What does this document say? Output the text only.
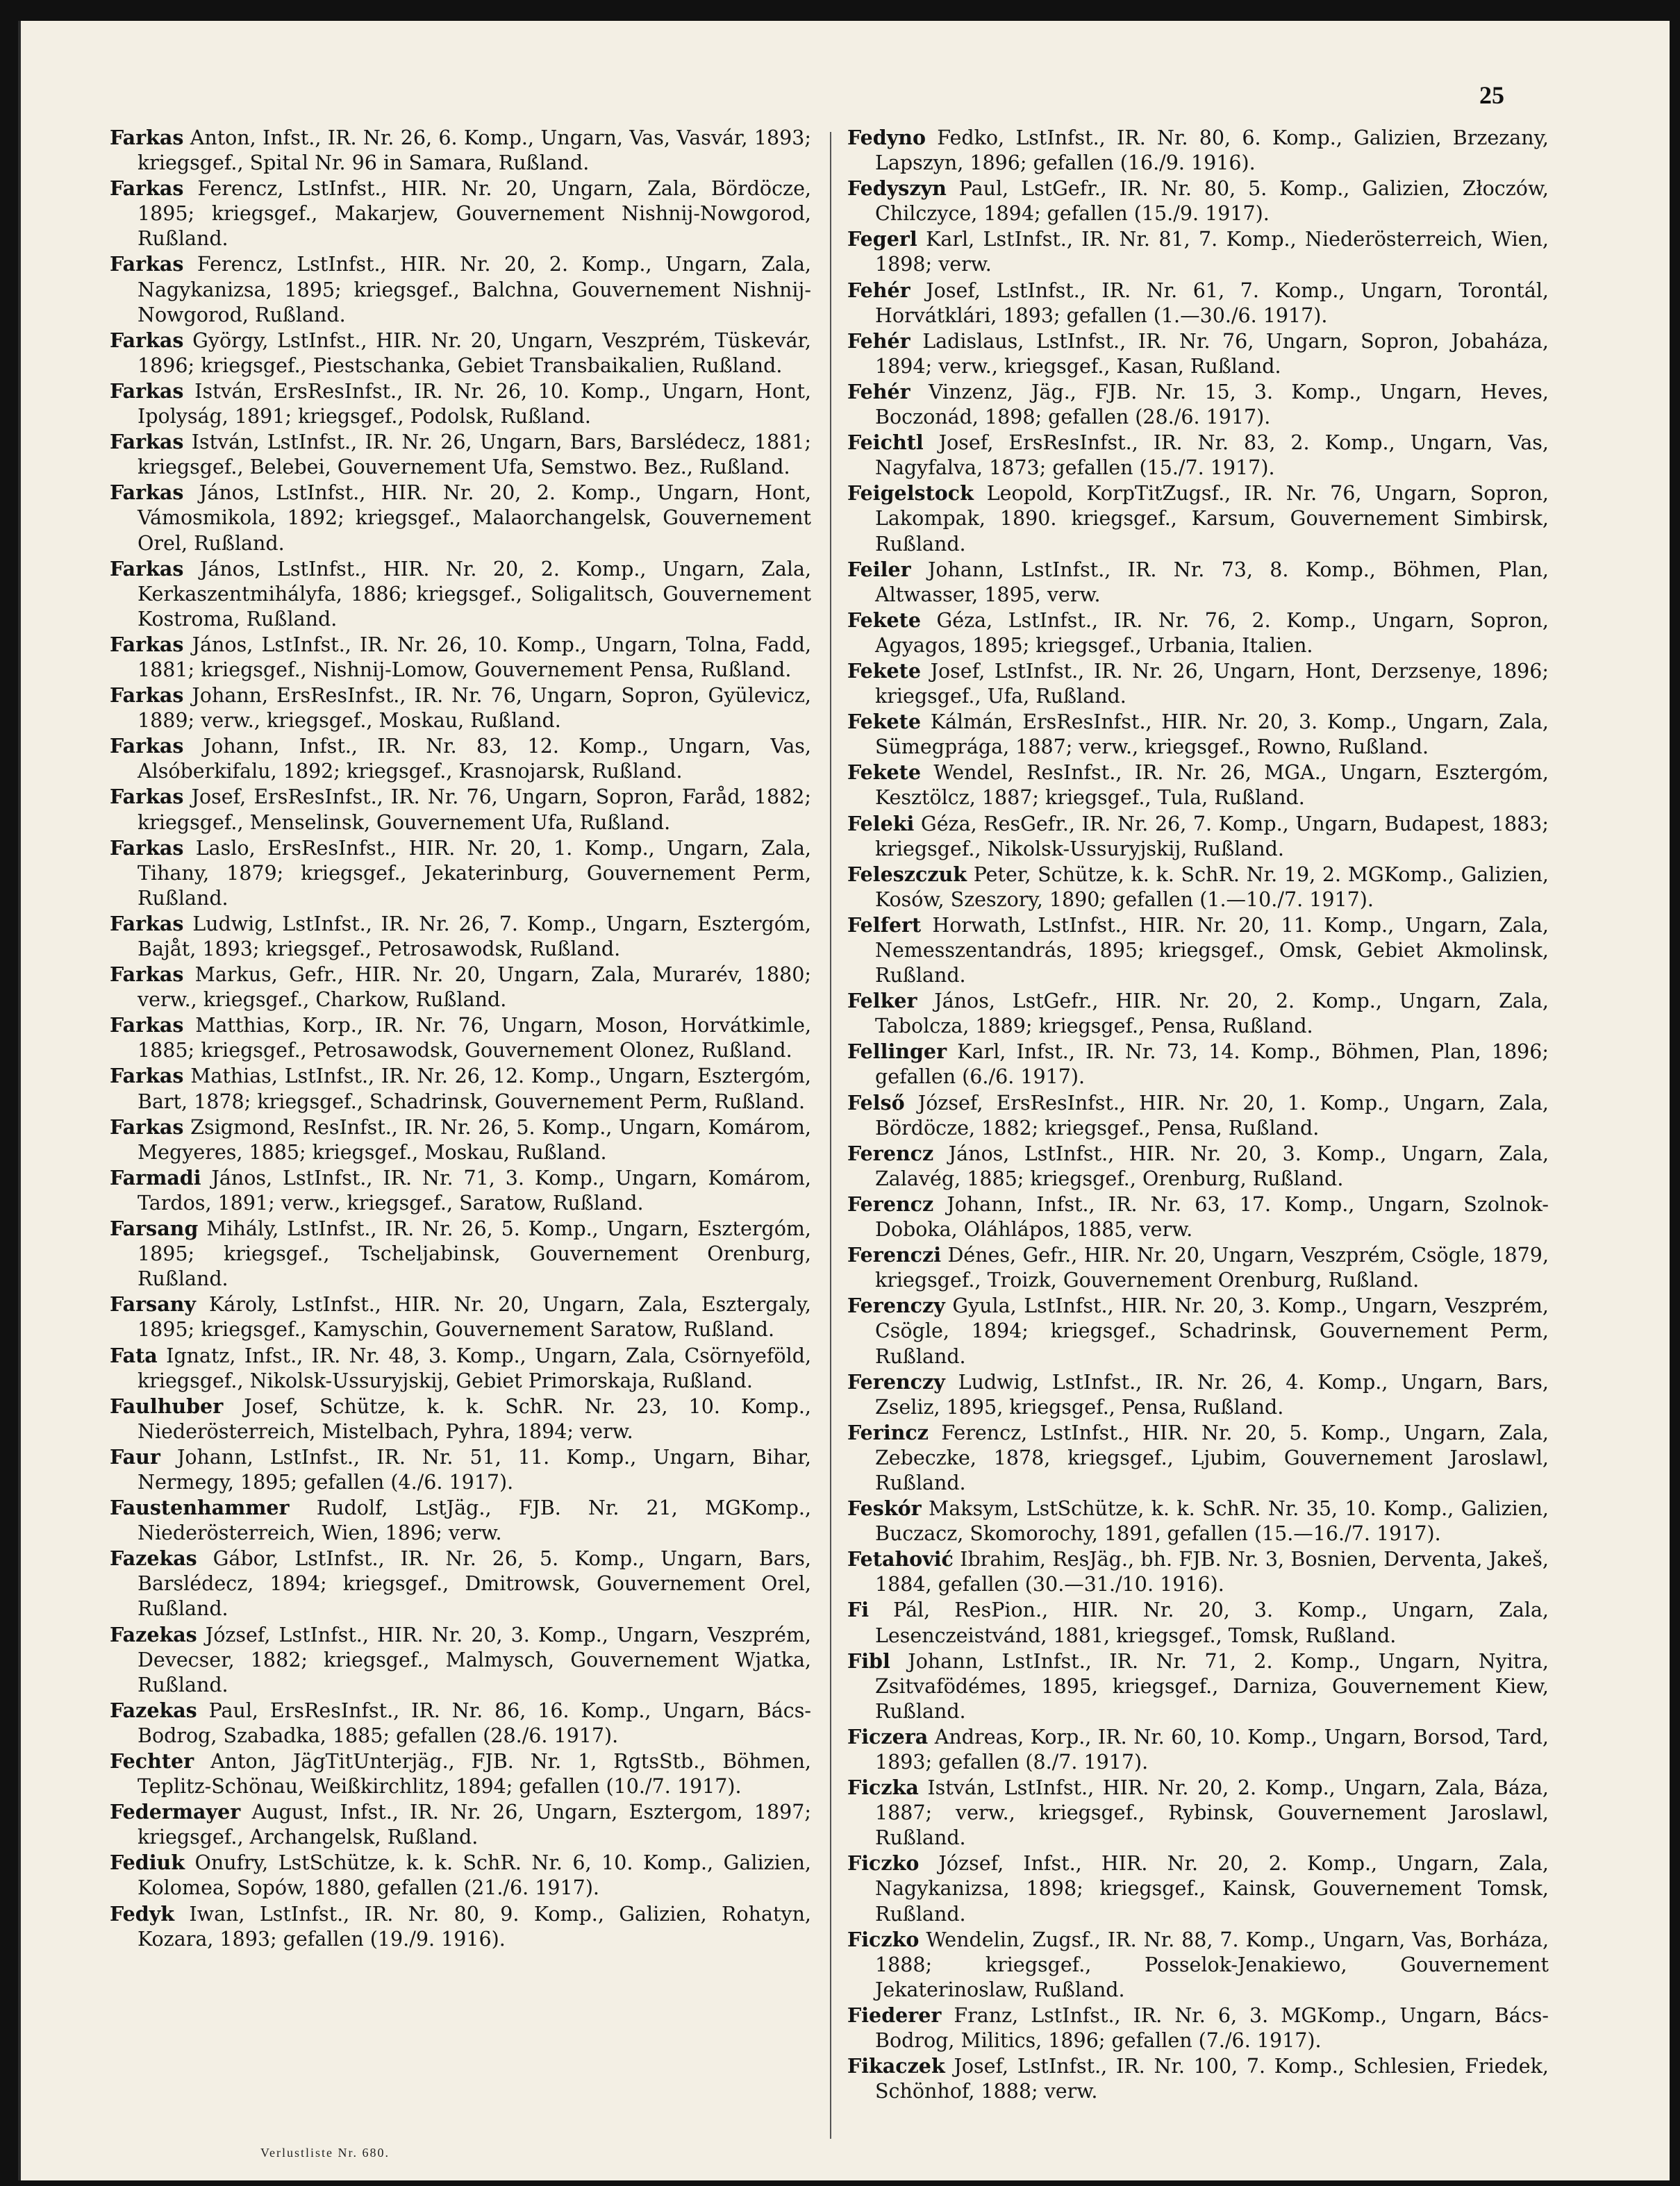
25

Farkas Anton, Infst., IR. Nr. 26, 6. Komp., Ungarn, Vas, Vasvár, 1893; kriegsgef., Spital Nr. 96 in Samara, Rußland.

Farkas Ferencz, LstInfst., HIR. Nr. 20, Ungarn, Zala, Bördöcze, 1895; kriegsgef., Makarjew, Gouvernement Nishnij-Nowgorod, Rußland.

Farkas Ferencz, LstInfst., HIR. Nr. 20, 2. Komp., Ungarn, Zala, Nagykanizsa, 1895; kriegsgef., Balchna, Gouvernement Nishnij-Nowgorod, Rußland.

Farkas György, LstInfst., HIR. Nr. 20, Ungarn, Veszprém, Tüskevár, 1896; kriegsgef., Piestschanka, Gebiet Transbaikalien, Rußland.

Farkas István, ErsResInfst., IR. Nr. 26, 10. Komp., Ungarn, Hont, Ipolyság, 1891; kriegsgef., Podolsk, Rußland.

Farkas István, LstInfst., IR. Nr. 26, Ungarn, Bars, Barslédecz, 1881; kriegsgef., Belebei, Gouvernement Ufa, Semstwo. Bez., Rußland.

Farkas János, LstInfst., HIR. Nr. 20, 2. Komp., Ungarn, Hont, Vámosmikola, 1892; kriegsgef., Malaorchangelsk, Gouvernement Orel, Rußland.

Farkas János, LstInfst., HIR. Nr. 20, 2. Komp., Ungarn, Zala, Kerkaszentmihályfa, 1886; kriegsgef., Soligalitsch, Gouvernement Kostroma, Rußland.

Farkas János, LstInfst., IR. Nr. 26, 10. Komp., Ungarn, Tolna, Fadd, 1881; kriegsgef., Nishnij-Lomow, Gouvernement Pensa, Rußland.

Farkas Johann, ErsResInfst., IR. Nr. 76, Ungarn, Sopron, Gyülevicz, 1889; verw., kriegsgef., Moskau, Rußland.

Farkas Johann, Infst., IR. Nr. 83, 12. Komp., Ungarn, Vas, Alsóberkifalu, 1892; kriegsgef., Krasnojarsk, Rußland.

Farkas Josef, ErsResInfst., IR. Nr. 76, Ungarn, Sopron, Faråd, 1882; kriegsgef., Menselinsk, Gouvernement Ufa, Rußland.

Farkas Laslo, ErsResInfst., HIR. Nr. 20, 1. Komp., Ungarn, Zala, Tihany, 1879; kriegsgef., Jekaterinburg, Gouvernement Perm, Rußland.

Farkas Ludwig, LstInfst., IR. Nr. 26, 7. Komp., Ungarn, Esztergóm, Bajåt, 1893; kriegsgef., Petrosawodsk, Rußland.

Farkas Markus, Gefr., HIR. Nr. 20, Ungarn, Zala, Murarév, 1880; verw., kriegsgef., Charkow, Rußland.

Farkas Matthias, Korp., IR. Nr. 76, Ungarn, Moson, Horvátkimle, 1885; kriegsgef., Petrosawodsk, Gouvernement Olonez, Rußland.

Farkas Mathias, LstInfst., IR. Nr. 26, 12. Komp., Ungarn, Esztergóm, Bart, 1878; kriegsgef., Schadrinsk, Gouvernement Perm, Rußland.

Farkas Zsigmond, ResInfst., IR. Nr. 26, 5. Komp., Ungarn, Komárom, Megyeres, 1885; kriegsgef., Moskau, Rußland.

Farmadi János, LstInfst., IR. Nr. 71, 3. Komp., Ungarn, Komárom, Tardos, 1891; verw., kriegsgef., Saratow, Rußland.

Farsang Mihály, LstInfst., IR. Nr. 26, 5. Komp., Ungarn, Esztergóm, 1895; kriegsgef., Tscheljabinsk, Gouvernement Orenburg, Rußland.

Farsany Károly, LstInfst., HIR. Nr. 20, Ungarn, Zala, Esztergaly, 1895; kriegsgef., Kamyschin, Gouvernement Saratow, Rußland.

Fata Ignatz, Infst., IR. Nr. 48, 3. Komp., Ungarn, Zala, Csörnyeföld, kriegsgef., Nikolsk-Ussuryjskij, Gebiet Primorskaja, Rußland.

Faulhuber Josef, Schütze, k. k. SchR. Nr. 23, 10. Komp., Niederösterreich, Mistelbach, Pyhra, 1894; verw.

Faur Johann, LstInfst., IR. Nr. 51, 11. Komp., Ungarn, Bihar, Nermegy, 1895; gefallen (4./6. 1917).

Faustenhammer Rudolf, LstJäg., FJB. Nr. 21, MGKomp., Niederösterreich, Wien, 1896; verw.

Fazekas Gábor, LstInfst., IR. Nr. 26, 5. Komp., Ungarn, Bars, Barslédecz, 1894; kriegsgef., Dmitrowsk, Gouvernement Orel, Rußland.

Fazekas József, LstInfst., HIR. Nr. 20, 3. Komp., Ungarn, Veszprém, Devecser, 1882; kriegsgef., Malmysch, Gouvernement Wjatka, Rußland.

Fazekas Paul, ErsResInfst., IR. Nr. 86, 16. Komp., Ungarn, Bács-Bodrog, Szabadka, 1885; gefallen (28./6. 1917).

Fechter Anton, JägTitUnterjäg., FJB. Nr. 1, RgtsStb., Böhmen, Teplitz-Schönau, Weißkirchlitz, 1894; gefallen (10./7. 1917).

Federmayer August, Infst., IR. Nr. 26, Ungarn, Esztergom, 1897; kriegsgef., Archangelsk, Rußland.

Fediuk Onufry, LstSchütze, k. k. SchR. Nr. 6, 10. Komp., Galizien, Kolomea, Sopów, 1880, gefallen (21./6. 1917).

Fedyk Iwan, LstInfst., IR. Nr. 80, 9. Komp., Galizien, Rohatyn, Kozara, 1893; gefallen (19./9. 1916).

Fedyno Fedko, LstInfst., IR. Nr. 80, 6. Komp., Galizien, Brzezany, Lapszyn, 1896; gefallen (16./9. 1916).

Fedyszyn Paul, LstGefr., IR. Nr. 80, 5. Komp., Galizien, Złoczów, Chilczyce, 1894; gefallen (15./9. 1917).

Fegerl Karl, LstInfst., IR. Nr. 81, 7. Komp., Niederösterreich, Wien, 1898; verw.

Fehér Josef, LstInfst., IR. Nr. 61, 7. Komp., Ungarn, Torontál, Horvátklári, 1893; gefallen (1.—30./6. 1917).

Fehér Ladislaus, LstInfst., IR. Nr. 76, Ungarn, Sopron, Jobaháza, 1894; verw., kriegsgef., Kasan, Rußland.

Fehér Vinzenz, Jäg., FJB. Nr. 15, 3. Komp., Ungarn, Heves, Boczonád, 1898; gefallen (28./6. 1917).

Feichtl Josef, ErsResInfst., IR. Nr. 83, 2. Komp., Ungarn, Vas, Nagyfalva, 1873; gefallen (15./7. 1917).

Feigelstock Leopold, KorpTitZugsf., IR. Nr. 76, Ungarn, Sopron, Lakompak, 1890. kriegsgef., Karsum, Gouvernement Simbirsk, Rußland.

Feiler Johann, LstInfst., IR. Nr. 73, 8. Komp., Böhmen, Plan, Altwasser, 1895, verw.

Fekete Géza, LstInfst., IR. Nr. 76, 2. Komp., Ungarn, Sopron, Agyagos, 1895; kriegsgef., Urbania, Italien.

Fekete Josef, LstInfst., IR. Nr. 26, Ungarn, Hont, Derzsenye, 1896; kriegsgef., Ufa, Rußland.

Fekete Kálmán, ErsResInfst., HIR. Nr. 20, 3. Komp., Ungarn, Zala, Sümegprága, 1887; verw., kriegsgef., Rowno, Rußland.

Fekete Wendel, ResInfst., IR. Nr. 26, MGA., Ungarn, Esztergóm, Kesztölcz, 1887; kriegsgef., Tula, Rußland.

Feleki Géza, ResGefr., IR. Nr. 26, 7. Komp., Ungarn, Budapest, 1883; kriegsgef., Nikolsk-Ussuryjskij, Rußland.

Feleszczuk Peter, Schütze, k. k. SchR. Nr. 19, 2. MGKomp., Galizien, Kosów, Szeszory, 1890; gefallen (1.—10./7. 1917).

Felfert Horwath, LstInfst., HIR. Nr. 20, 11. Komp., Ungarn, Zala, Nemesszentandrás, 1895; kriegsgef., Omsk, Gebiet Akmolinsk, Rußland.

Felker János, LstGefr., HIR. Nr. 20, 2. Komp., Ungarn, Zala, Tabolcza, 1889; kriegsgef., Pensa, Rußland.

Fellinger Karl, Infst., IR. Nr. 73, 14. Komp., Böhmen, Plan, 1896; gefallen (6./6. 1917).

Felső József, ErsResInfst., HIR. Nr. 20, 1. Komp., Ungarn, Zala, Bördöcze, 1882; kriegsgef., Pensa, Rußland.

Ferencz János, LstInfst., HIR. Nr. 20, 3. Komp., Ungarn, Zala, Zalavég, 1885; kriegsgef., Orenburg, Rußland.

Ferencz Johann, Infst., IR. Nr. 63, 17. Komp., Ungarn, Szolnok-Doboka, Oláhlápos, 1885, verw.

Ferenczi Dénes, Gefr., HIR. Nr. 20, Ungarn, Veszprém, Csögle, 1879, kriegsgef., Troizk, Gouvernement Orenburg, Rußland.

Ferenczy Gyula, LstInfst., HIR. Nr. 20, 3. Komp., Ungarn, Veszprém, Csögle, 1894; kriegsgef., Schadrinsk, Gouvernement Perm, Rußland.

Ferenczy Ludwig, LstInfst., IR. Nr. 26, 4. Komp., Ungarn, Bars, Zseliz, 1895, kriegsgef., Pensa, Rußland.

Ferincz Ferencz, LstInfst., HIR. Nr. 20, 5. Komp., Ungarn, Zala, Zebeczke, 1878, kriegsgef., Ljubim, Gouvernement Jaroslawl, Rußland.

Feskór Maksym, LstSchütze, k. k. SchR. Nr. 35, 10. Komp., Galizien, Buczacz, Skomorochy, 1891, gefallen (15.—16./7. 1917).

Fetahović Ibrahim, ResJäg., bh. FJB. Nr. 3, Bosnien, Derventa, Jakeš, 1884, gefallen (30.—31./10. 1916).

Fi Pál, ResPion., HIR. Nr. 20, 3. Komp., Ungarn, Zala, Lesenczeistvánd, 1881, kriegsgef., Tomsk, Rußland.

Fibl Johann, LstInfst., IR. Nr. 71, 2. Komp., Ungarn, Nyitra, Zsitvafödémes, 1895, kriegsgef., Darniza, Gouvernement Kiew, Rußland.

Ficzera Andreas, Korp., IR. Nr. 60, 10. Komp., Ungarn, Borsod, Tard, 1893; gefallen (8./7. 1917).

Ficzka István, LstInfst., HIR. Nr. 20, 2. Komp., Ungarn, Zala, Báza, 1887; verw., kriegsgef., Rybinsk, Gouvernement Jaroslawl, Rußland.

Ficzko József, Infst., HIR. Nr. 20, 2. Komp., Ungarn, Zala, Nagykanizsa, 1898; kriegsgef., Kainsk, Gouvernement Tomsk, Rußland.

Ficzko Wendelin, Zugsf., IR. Nr. 88, 7. Komp., Ungarn, Vas, Borháza, 1888; kriegsgef., Posselok-Jenakiewo, Gouvernement Jekaterinoslaw, Rußland.

Fiederer Franz, LstInfst., IR. Nr. 6, 3. MGKomp., Ungarn, Bács-Bodrog, Militics, 1896; gefallen (7./6. 1917).

Fikaczek Josef, LstInfst., IR. Nr. 100, 7. Komp., Schlesien, Friedek, Schönhof, 1888; verw.

Verlustliste Nr. 680.
